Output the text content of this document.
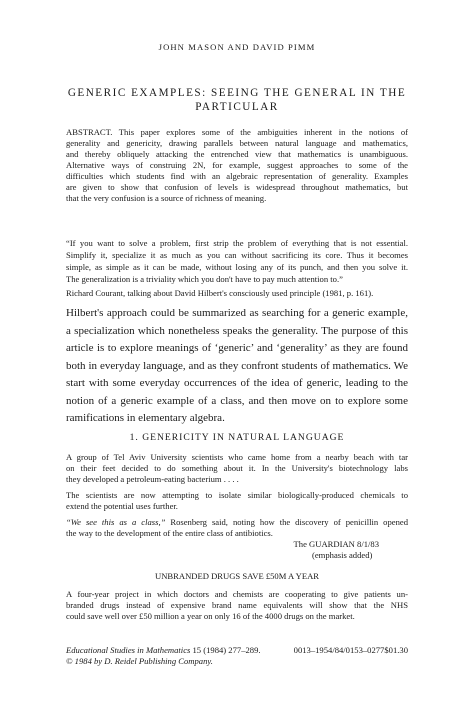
JOHN MASON AND DAVID PIMM
GENERIC EXAMPLES: SEEING THE GENERAL IN THE
PARTICULAR
ABSTRACT. This paper explores some of the ambiguities inherent in the notions of
generality and genericity, drawing parallels between natural language and mathematics,
and thereby obliquely attacking the entrenched view that mathematics is unambiguous.
Alternative ways of construing 2N, for example, suggest approaches to some of the
difficulties which students find with an algebraic representation of generality. Examples
are given to show that confusion of levels is widespread throughout mathematics, but
that the very confusion is a source of richness of meaning.
“If you want to solve a problem, first strip the problem of everything that is not essential.
Simplify it, specialize it as much as you can without sacrificing its core. Thus it becomes
simple, as simple as it can be made, without losing any of its punch, and then you solve it.
The generalization is a triviality which you don't have to pay much attention to.”
Richard Courant, talking about David Hilbert's consciously used principle (1981, p. 161).
Hilbert's approach could be summarized as searching for a generic example,
a specialization which nonetheless speaks the generality. The purpose of this
article is to explore meanings of ‘generic’ and ‘generality’ as they are found
both in everyday language, and as they confront students of mathematics. We
start with some everyday occurrences of the idea of generic, leading to the
notion of a generic example of a class, and then move on to explore some
ramifications in elementary algebra.
1. GENERICITY IN NATURAL LANGUAGE
A group of Tel Aviv University scientists who came home from a nearby beach with tar
on their feet decided to do something about it. In the University's biotechnology labs
they developed a petroleum-eating bacterium . . . .
The scientists are now attempting to isolate similar biologically-produced chemicals to
extend the potential uses further.
“We see this as a class,” Rosenberg said, noting how the discovery of penicillin opened
the way to the development of the entire class of antibiotics.
The GUARDIAN 8/1/83
(emphasis added)
UNBRANDED DRUGS SAVE £50M A YEAR
A four-year project in which doctors and chemists are cooperating to give patients un-
branded drugs instead of expensive brand name equivalents will show that the NHS
could save well over £50 million a year on only 16 of the 4000 drugs on the market.
Educational Studies in Mathematics 15 (1984) 277–289.	0013–1954/84/0153–0277$01.30
© 1984 by D. Reidel Publishing Company.
